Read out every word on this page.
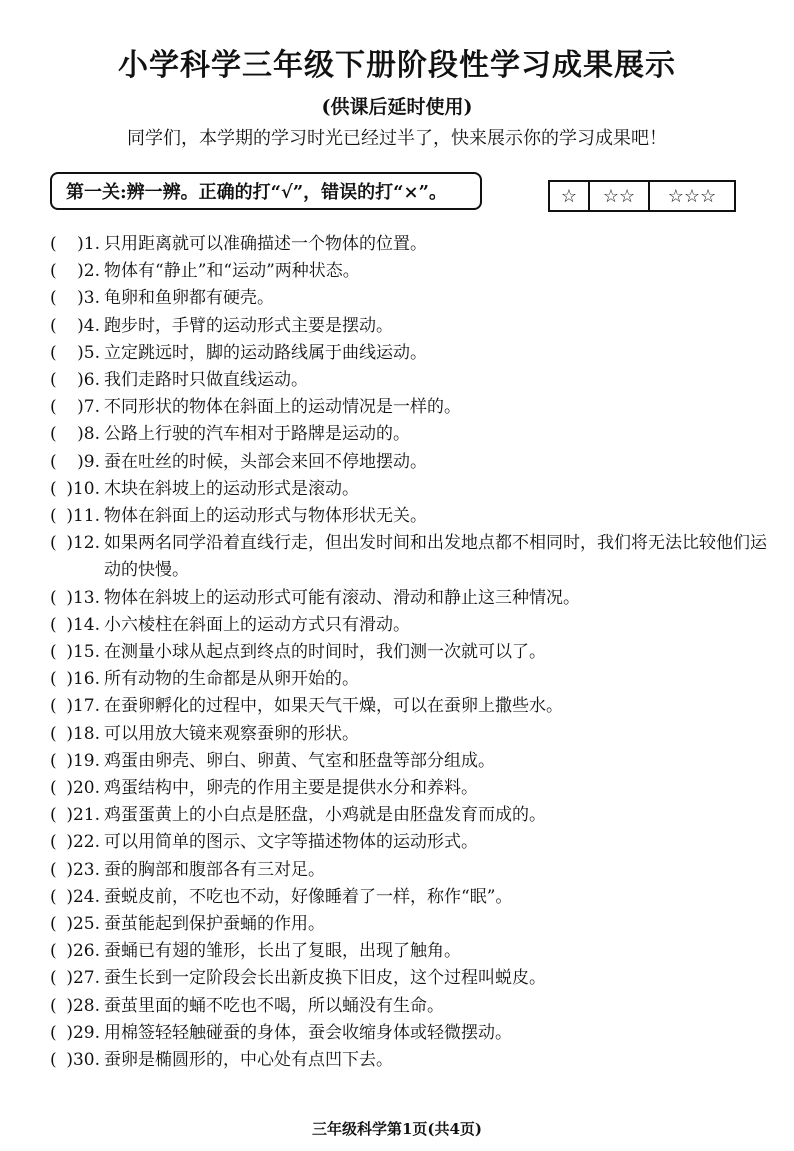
小学科学三年级下册阶段性学习成果展示
(供课后延时使用)
同学们，本学期的学习时光已经过半了，快来展示你的学习成果吧！
第一关:辨一辨。正确的打“√”，错误的打“×”。	☆	☆☆	☆☆☆
( )1. 只用距离就可以准确描述一个物体的位置。
( )2. 物体有“静止”和“运动”两种状态。
( )3. 龟卵和鱼卵都有硬壳。
( )4. 跑步时，手臂的运动形式主要是摆动。
( )5. 立定跳远时，脚的运动路线属于曲线运动。
( )6. 我们走路时只做直线运动。
( )7. 不同形状的物体在斜面上的运动情况是一样的。
( )8. 公路上行驶的汽车相对于路牌是运动的。
( )9. 蚕在吐丝的时候，头部会来回不停地摆动。
( )10. 木块在斜坡上的运动形式是滚动。
( )11. 物体在斜面上的运动形式与物体形状无关。
( )12. 如果两名同学沿着直线行走，但出发时间和出发地点都不相同时，我们将无法比较他们运动的快慢。
( )13. 物体在斜坡上的运动形式可能有滚动、滑动和静止这三种情况。
( )14. 小六棱柱在斜面上的运动方式只有滑动。
( )15. 在测量小球从起点到终点的时间时，我们测一次就可以了。
( )16. 所有动物的生命都是从卵开始的。
( )17. 在蚕卵孵化的过程中，如果天气干燥，可以在蚕卵上撒些水。
( )18. 可以用放大镜来观察蚕卵的形状。
( )19. 鸡蛋由卵壳、卵白、卵黄、气室和胚盘等部分组成。
( )20. 鸡蛋结构中，卵壳的作用主要是提供水分和养料。
( )21. 鸡蛋蛋黄上的小白点是胚盘，小鸡就是由胚盘发育而成的。
( )22. 可以用简单的图示、文字等描述物体的运动形式。
( )23. 蚕的胸部和腹部各有三对足。
( )24. 蚕蜕皮前，不吃也不动，好像睡着了一样，称作“眠”。
( )25. 蚕茧能起到保护蚕蛹的作用。
( )26. 蚕蛹已有翅的雏形，长出了复眼，出现了触角。
( )27. 蚕生长到一定阶段会长出新皮换下旧皮，这个过程叫蜕皮。
( )28. 蚕茧里面的蛹不吃也不喝，所以蛹没有生命。
( )29. 用棉签轻轻触碰蚕的身体，蚕会收缩身体或轻微摆动。
( )30. 蚕卵是椭圆形的，中心处有点凹下去。
三年级科学第1页(共4页)
